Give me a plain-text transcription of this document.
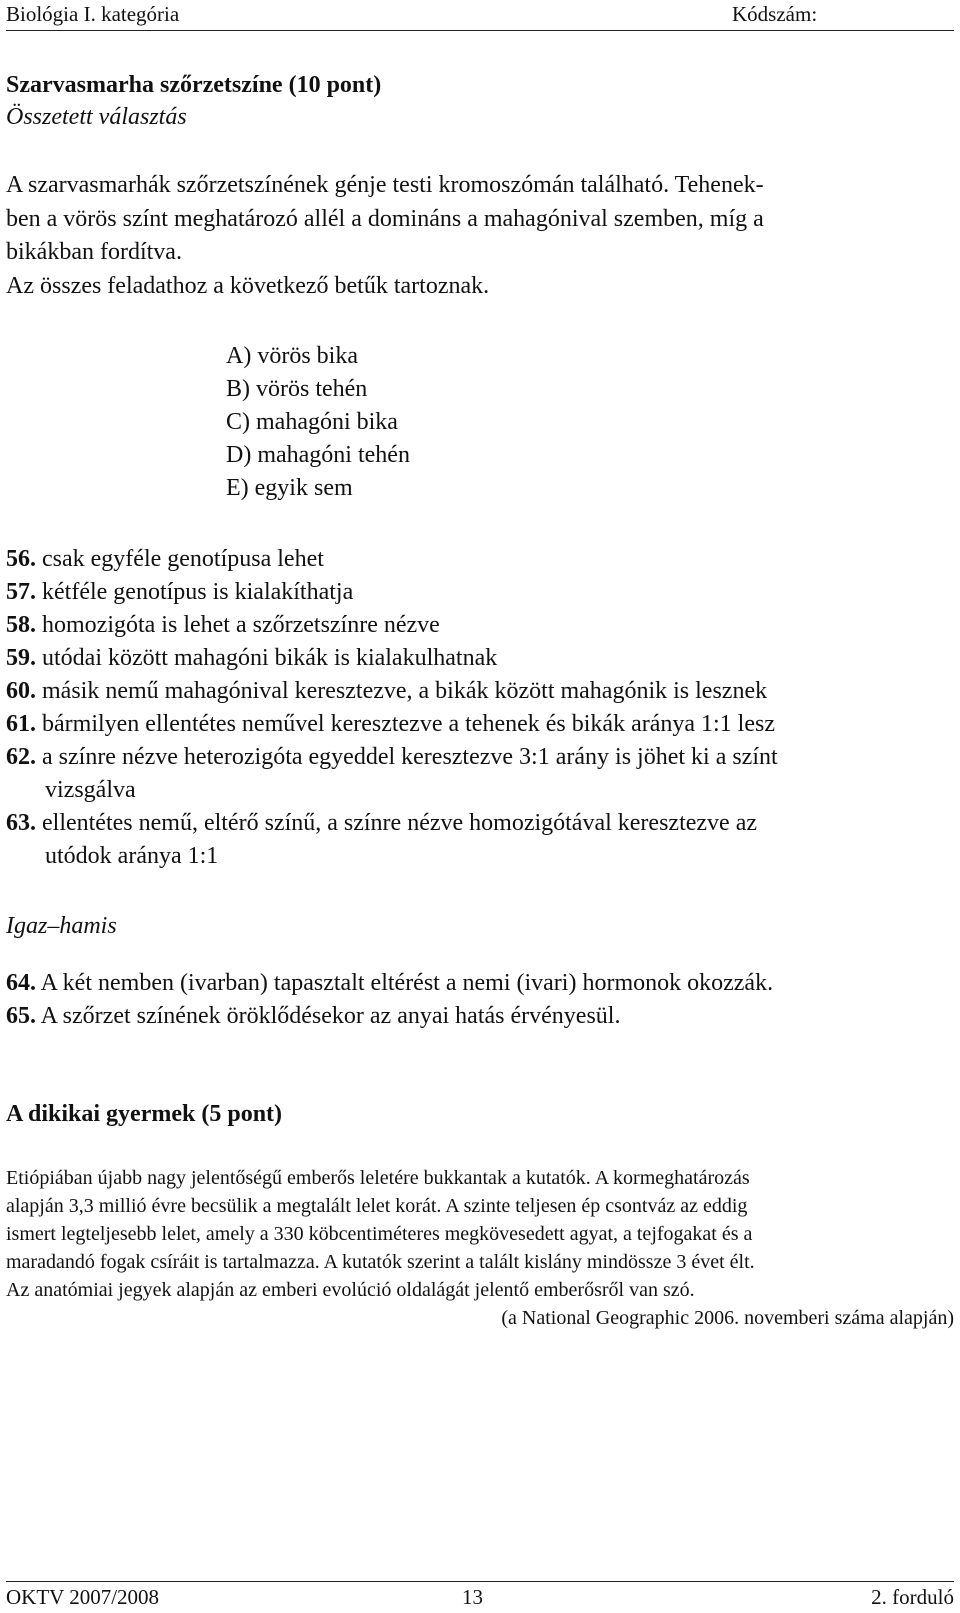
Biológia I. kategória	Kódszám:
Szarvasmarha szőrzetszíne (10 pont)
Összetett választás
A szarvasmarhák szőrzetszínének génje testi kromoszómán található. Tehenek-
ben a vörös színt meghatározó allél a domináns a mahagónival szemben, míg a
bikákban fordítva.
Az összes feladathoz a következő betűk tartoznak.
A) vörös bika
B) vörös tehén
C) mahagóni bika
D) mahagóni tehén
E) egyik sem
56. csak egyféle genotípusa lehet
57. kétféle genotípus is kialakíthatja
58. homozigóta is lehet a szőrzetszínre nézve
59. utódai között mahagóni bikák is kialakulhatnak
60. másik nemű mahagónival keresztezve, a bikák között mahagónik is lesznek
61. bármilyen ellentétes neművel keresztezve a tehenek és bikák aránya 1:1 lesz
62. a színre nézve heterozigóta egyeddel keresztezve 3:1 arány is jöhet ki a színt
vizsgálva
63. ellentétes nemű, eltérő színű, a színre nézve homozigótával keresztezve az
utódok aránya 1:1
Igaz–hamis
64. A két nemben (ivarban) tapasztalt eltérést a nemi (ivari) hormonok okozzák.
65. A szőrzet színének öröklődésekor az anyai hatás érvényesül.
A dikikai gyermek (5 pont)
Etiópiában újabb nagy jelentőségű emberős leletére bukkantak a kutatók. A kormeghatározás
alapján 3,3 millió évre becsülik a megtalált lelet korát. A szinte teljesen ép csontváz az eddig
ismert legteljesebb lelet, amely a 330 köbcentiméteres megkövesedett agyat, a tejfogakat és a
maradandó fogak csíráit is tartalmazza. A kutatók szerint a talált kislány mindössze 3 évet élt.
Az anatómiai jegyek alapján az emberi evolúció oldalágát jelentő emberősről van szó.
(a National Geographic 2006. novemberi száma alapján)
OKTV 2007/2008	13	2. forduló
